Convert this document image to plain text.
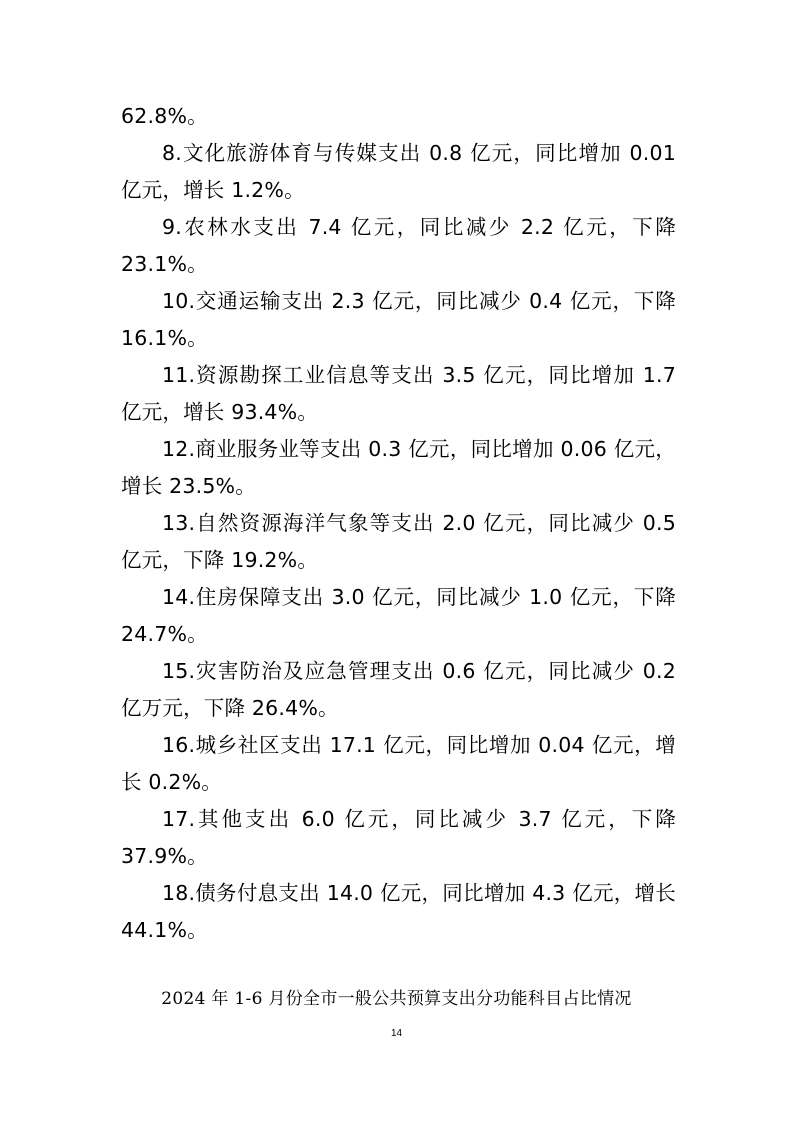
62.8%。

8.文化旅游体育与传媒支出 0.8 亿元，同比增加 0.01 亿元，增长 1.2%。

9.农林水支出 7.4 亿元，同比减少 2.2 亿元，下降 23.1%。

10.交通运输支出 2.3 亿元，同比减少 0.4 亿元，下降 16.1%。

11.资源勘探工业信息等支出 3.5 亿元，同比增加 1.7 亿元，增长 93.4%。

12.商业服务业等支出 0.3 亿元，同比增加 0.06 亿元，增长 23.5%。

13.自然资源海洋气象等支出 2.0 亿元，同比减少 0.5 亿元，下降 19.2%。

14.住房保障支出 3.0 亿元，同比减少 1.0 亿元，下降 24.7%。

15.灾害防治及应急管理支出 0.6 亿元，同比减少 0.2 亿万元，下降 26.4%。

16.城乡社区支出 17.1 亿元，同比增加 0.04 亿元，增长 0.2%。

17.其他支出 6.0 亿元，同比减少 3.7 亿元，下降 37.9%。

18.债务付息支出 14.0 亿元，同比增加 4.3 亿元，增长 44.1%。

2024 年 1-6 月份全市一般公共预算支出分功能科目占比情况

14
